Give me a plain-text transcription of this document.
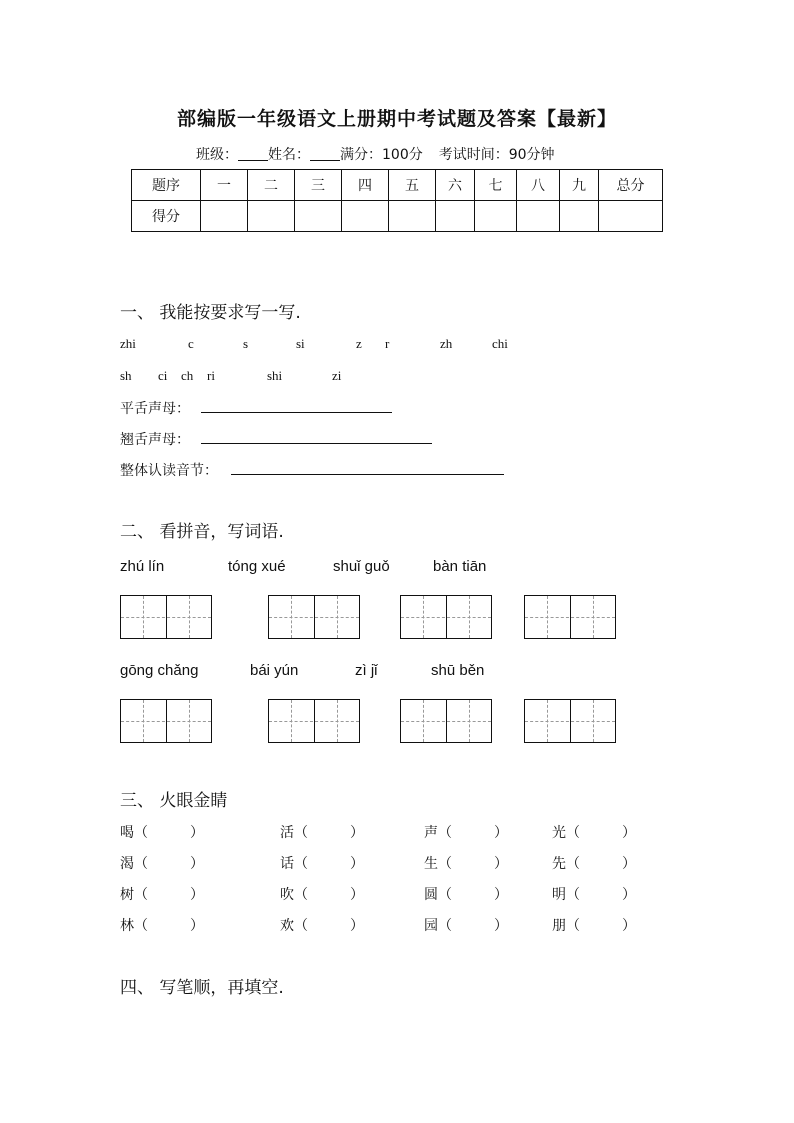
部编版一年级语文上册期中考试题及答案【最新】
班级： 姓名： 满分：100分 考试时间：90分钟
题序	一	二	三	四	五	六	七	八	九	总分
得分										
一、 我能按要求写一写.
zhi	c	s	si	z r	zh	chi
sh ci ch ri	shi	zi
平舌声母：
翘舌声母：
整体认读音节：
二、 看拼音，写词语.
zhú lín	tóng xué	shuǐ guǒ	bàn tiān
gōng chǎng	bái yún	zì jǐ	shū běn
三、 火眼金睛
喝（　　　）	活（　　　）	声（　　　）	光（　　　）
渴（　　　）	话（　　　）	生（　　　）	先（　　　）
树（　　　）	吹（　　　）	圆（　　　）	明（　　　）
林（　　　）	欢（　　　）	园（　　　）	朋（　　　）
四、 写笔顺，再填空.
